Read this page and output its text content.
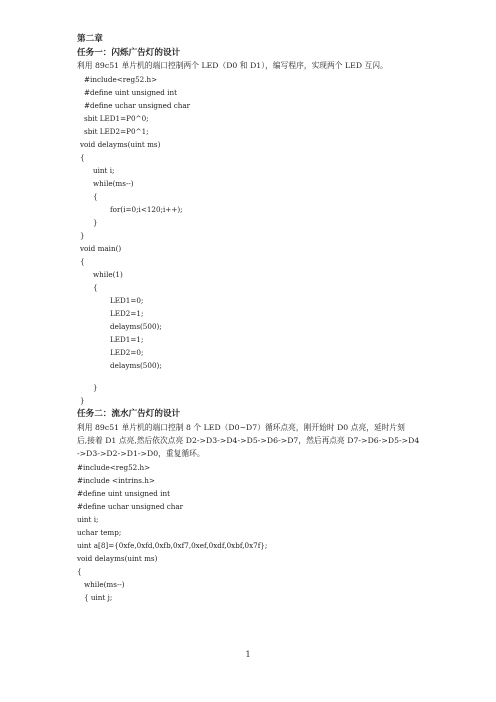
第二章
任务一：闪烁广告灯的设计
利用 89c51 单片机的端口控制两个 LED（D0 和 D1），编写程序，实现两个 LED 互闪。
#include<reg52.h>
#define uint unsigned int
#define uchar unsigned char
sbit LED1=P0^0;
sbit LED2=P0^1;
void delayms(uint ms)
{
uint i;
while(ms--)
{
for(i=0;i<120;i++);
}
}
void main()
{
while(1)
{
LED1=0;
LED2=1;
delayms(500);
LED1=1;
LED2=0;
delayms(500);
}
}
任务二：流水广告灯的设计
利用 89c51 单片机的端口控制 8 个 LED（D0~D7）循环点亮，刚开始时 D0 点亮，延时片刻
后,接着 D1 点亮,然后依次点亮 D2->D3->D4->D5->D6->D7，然后再点亮 D7->D6->D5->D4
->D3->D2->D1->D0，重复循环。
#include<reg52.h>
#include <intrins.h>
#define uint unsigned int
#define uchar unsigned char
uint i;
uchar temp;
uint a[8]={0xfe,0xfd,0xfb,0xf7,0xef,0xdf,0xbf,0x7f};
void delayms(uint ms)
{
while(ms--)
{ uint j;
1
